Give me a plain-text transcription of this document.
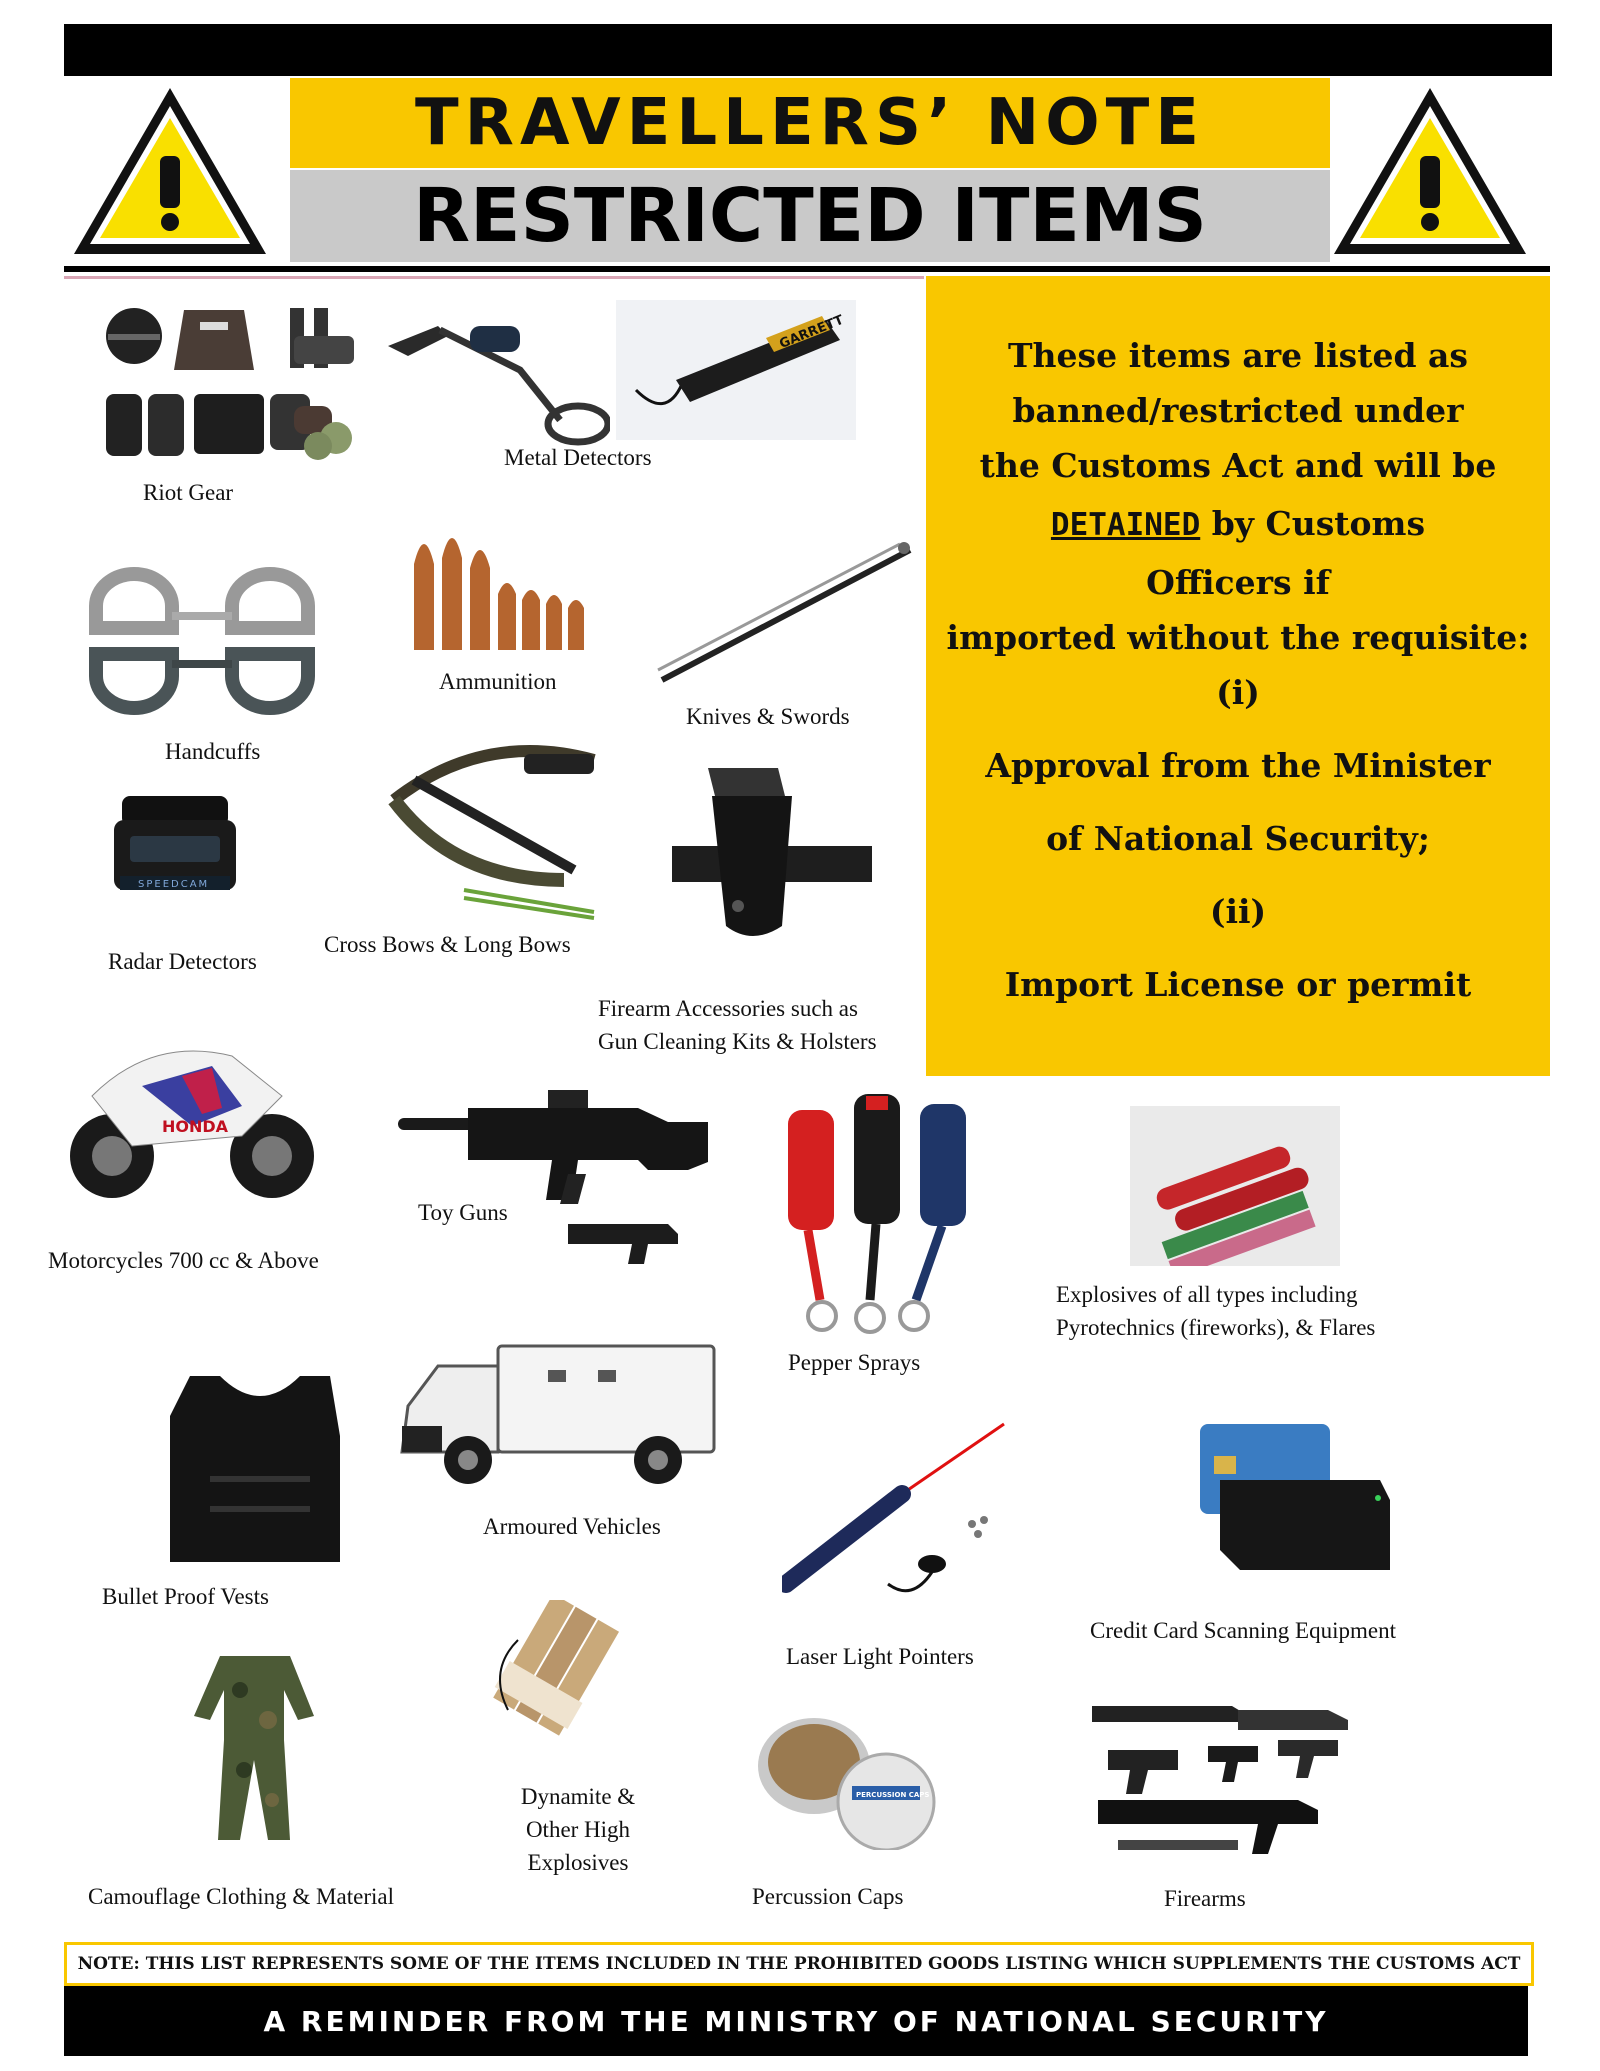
TRAVELLERS’ NOTE
RESTRICTED ITEMS
These items are listed as
banned/restricted under
the Customs Act and will be
DETAINED by Customs
Officers if
imported without the requisite:
(i)
Approval from the Minister
of National Security;
(ii)
Import License or permit
Riot Gear
GARRETT
Metal Detectors
Handcuffs
Ammunition
Knives & Swords
SPEEDCAM
Radar Detectors
Cross Bows & Long Bows
Firearm Accessories such as
Gun Cleaning Kits & Holsters
HONDA
Motorcycles 700 cc & Above
Toy Guns
Pepper Sprays
Explosives of all types including
Pyrotechnics (fireworks), & Flares
Bullet Proof Vests
Armoured Vehicles
Laser Light Pointers
Credit Card Scanning Equipment
Camouflage Clothing & Material
Dynamite &
Other High
Explosives
PERCUSSION CAPS
Percussion Caps	Firearms
NOTE: THIS LIST REPRESENTS SOME OF THE ITEMS INCLUDED IN THE PROHIBITED GOODS LISTING WHICH SUPPLEMENTS THE CUSTOMS ACT
A REMINDER FROM THE MINISTRY OF NATIONAL SECURITY
